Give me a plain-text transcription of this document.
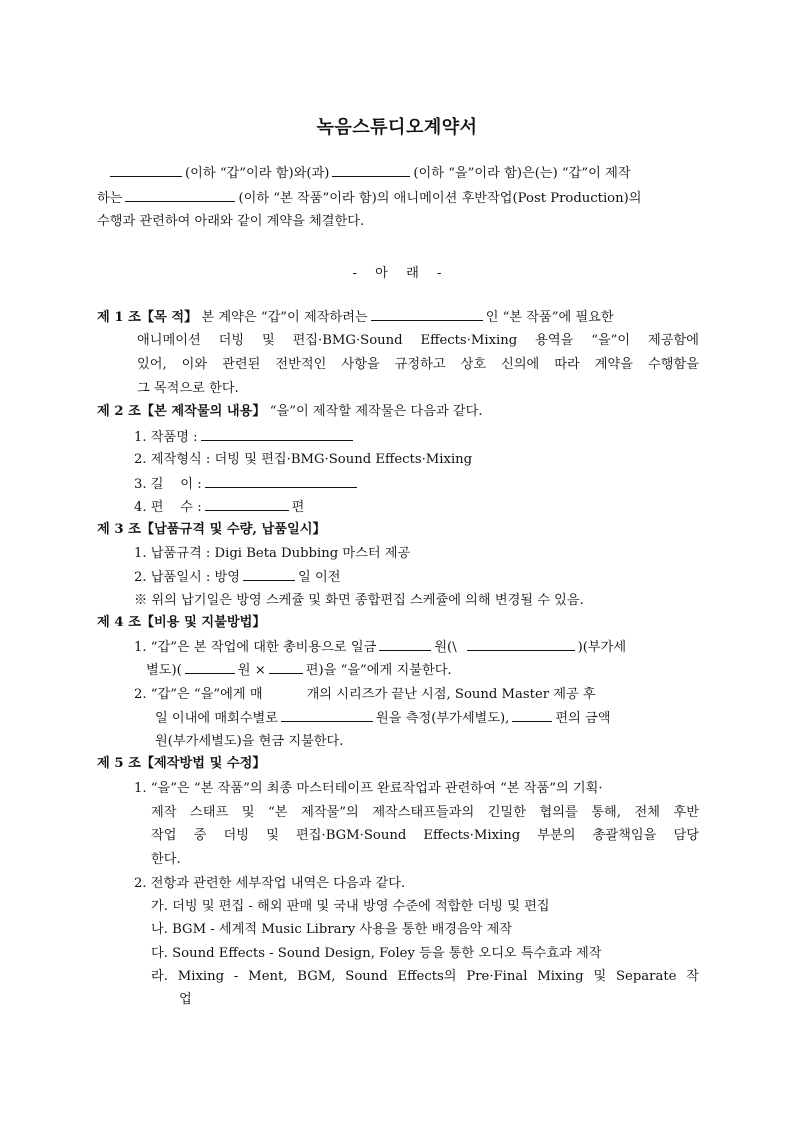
녹음스튜디오계약서
(이하 “갑”이라 함)와(과)	(이하 “을”이라 함)은(는) “갑”이 제작
하는	(이하 “본 작품”이라 함)의 애니메이션 후반작업(Post Production)의
수행과 관련하여 아래와 같이 계약을 체결한다.
- 아 래 -
제 1 조【목 적】 본 계약은 “갑”이 제작하려는	인 “본 작품”에 필요한
애니메이션 더빙 및 편집·BMG·Sound Effects·Mixing 용역을 “을”이 제공함에
있어, 이와 관련된 전반적인 사항을 규정하고 상호 신의에 따라 계약을 수행함을
그 목적으로 한다.
제 2 조【본 제작물의 내용】 “을”이 제작할 제작물은 다음과 같다.
1. 작품명 :
2. 제작형식 : 더빙 및 편집·BMG·Sound Effects·Mixing
3. 길    이 :
4. 편    수 :	편
제 3 조【납품규격 및 수량, 납품일시】
1. 납품규격 : Digi Beta Dubbing 마스터 제공
2. 납품일시 : 방영	일 이전
※ 위의 납기일은 방영 스케쥴 및 화면 종합편집 스케쥴에 의해 변경될 수 있음.
제 4 조【비용 및 지불방법】
1. “갑”은 본 작업에 대한 총비용으로 일금	원(\	)(부가세
별도)(	원 ×	편)을 “을”에게 지불한다.
2. “갑”은 “을”에게 매	개의 시리즈가 끝난 시점, Sound Master 제공 후
일 이내에 매회수별로	원을 측정(부가세별도),	편의 금액
원(부가세별도)을 현금 지불한다.
제 5 조【제작방법 및 수정】
1. “을”은 “본 작품”의 최종 마스터테이프 완료작업과 관련하여 “본 작품”의 기획·
제작 스태프 및 “본 제작물”의 제작스태프들과의 긴밀한 협의를 통해, 전체 후반
작업 중 더빙 및 편집·BGM·Sound Effects·Mixing 부분의 총괄책임을 담당
한다.
2. 전항과 관련한 세부작업 내역은 다음과 같다.
가. 더빙 및 편집 - 해외 판매 및 국내 방영 수준에 적합한 더빙 및 편집
나. BGM - 세계적 Music Library 사용을 통한 배경음악 제작
다. Sound Effects - Sound Design, Foley 등을 통한 오디오 특수효과 제작
라. Mixing - Ment, BGM, Sound Effects의 Pre·Final Mixing 및 Separate 작
업
